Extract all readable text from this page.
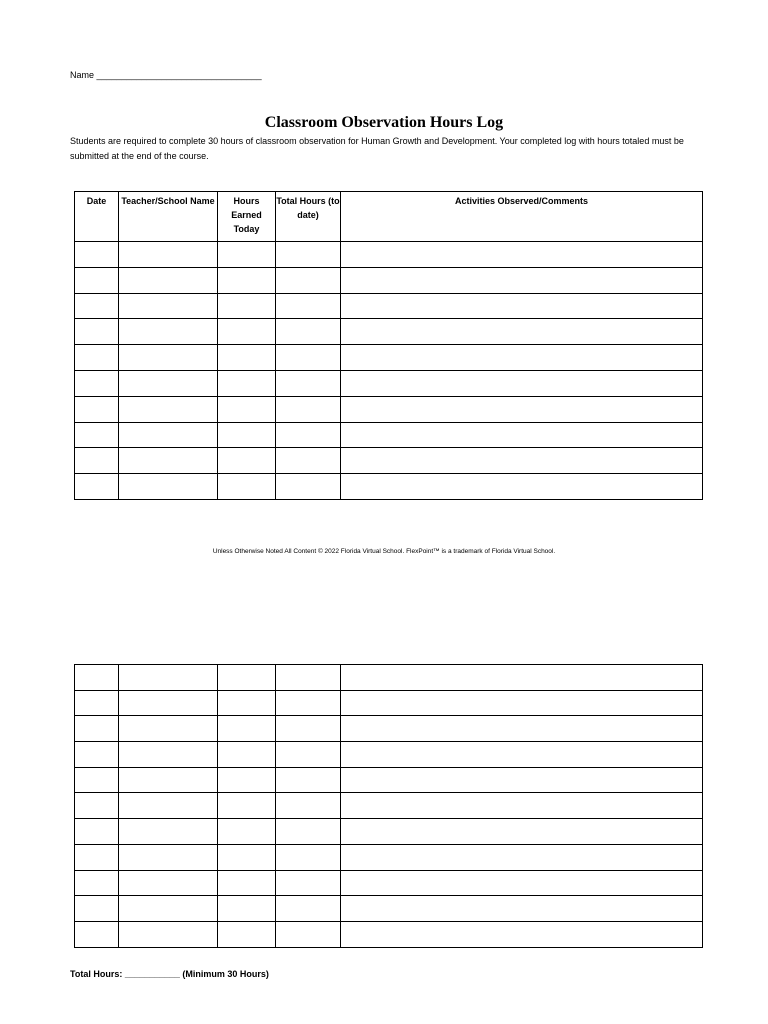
Name _________________________________
Classroom Observation Hours Log
Students are required to complete 30 hours of classroom observation for Human Growth and Development. Your completed log with hours totaled must be submitted at the end of the course.
Date	Teacher/School Name	Hours Earned Today	Total Hours (to date)	Activities Observed/Comments

Unless Otherwise Noted All Content © 2022 Florida Virtual School. FlexPoint™ is a trademark of Florida Virtual School.

Total Hours: ___________ (Minimum 30 Hours)
